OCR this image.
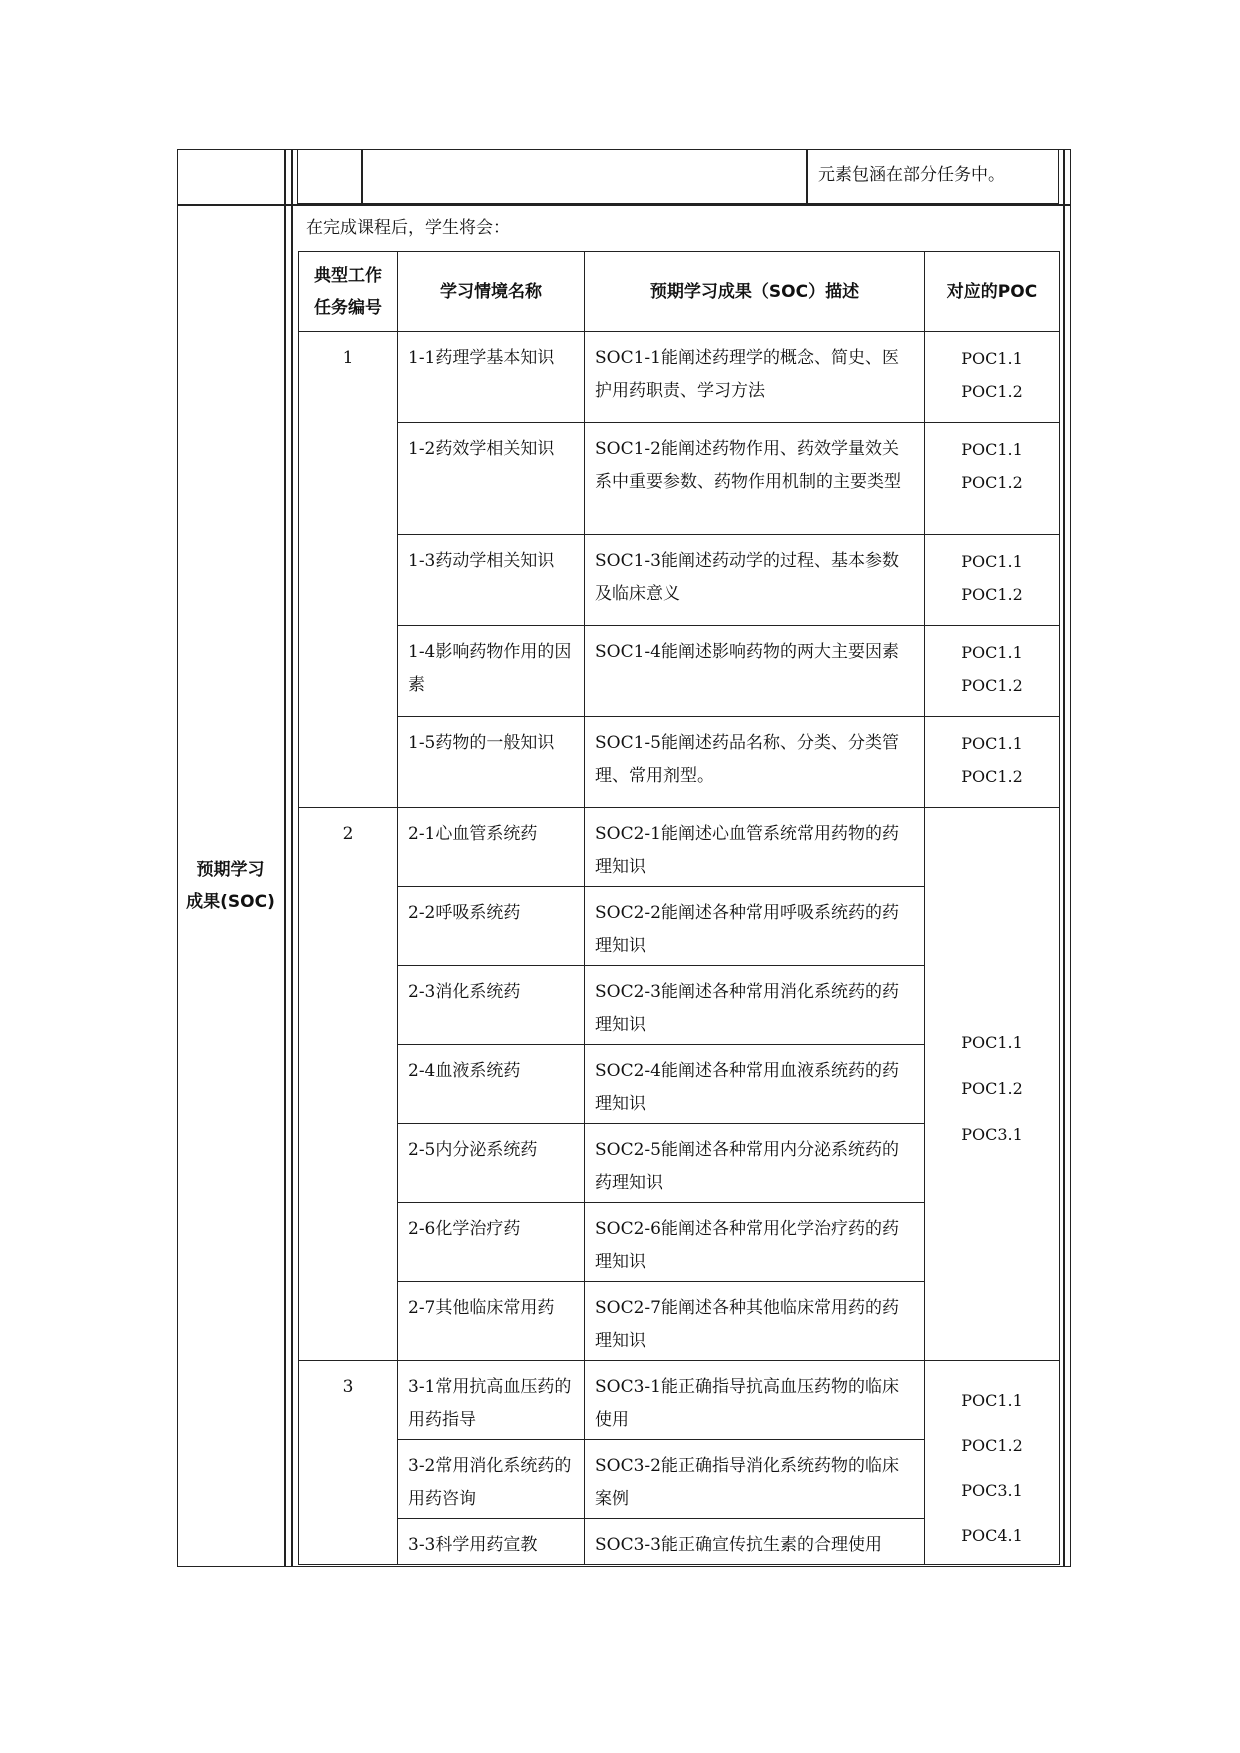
元素包涵在部分任务中。
预期学习
成果(SOC)
在完成课程后，学生将会：
典型工作
任务编号	学习情境名称	预期学习成果（SOC）描述	对应的POC
1	1-1药理学基本知识	SOC1-1能阐述药理学的概念、简史、医护用药职责、学习方法	POC1.1
POC1.2

	1-2药效学相关知识	SOC1-2能阐述药物作用、药效学量效关系中重要参数、药物作用机制的主要类型	POC1.1
POC1.2

	1-3药动学相关知识	SOC1-3能阐述药动学的过程、基本参数及临床意义	POC1.1
POC1.2

	1-4影响药物作用的因素	SOC1-4能阐述影响药物的两大主要因素	POC1.1
POC1.2

	1-5药物的一般知识	SOC1-5能阐述药品名称、分类、分类管理、常用剂型。	POC1.1
POC1.2

2	2-1心血管系统药	SOC2-1能阐述心血管系统常用药物的药理知识	POC1.1
POC1.2
POC3.1

	2-2呼吸系统药	SOC2-2能阐述各种常用呼吸系统药的药理知识	
	2-3消化系统药	SOC2-3能阐述各种常用消化系统药的药理知识	
	2-4血液系统药	SOC2-4能阐述各种常用血液系统药的药理知识	
	2-5内分泌系统药	SOC2-5能阐述各种常用内分泌系统药的药理知识	
	2-6化学治疗药	SOC2-6能阐述各种常用化学治疗药的药理知识	
	2-7其他临床常用药	SOC2-7能阐述各种其他临床常用药的药理知识	
3	3-1常用抗高血压药的用药指导	SOC3-1能正确指导抗高血压药物的临床使用	POC1.1
POC1.2
POC3.1
POC4.1

	3-2常用消化系统药的用药咨询	SOC3-2能正确指导消化系统药物的临床案例	
	3-3科学用药宣教	SOC3-3能正确宣传抗生素的合理使用	
